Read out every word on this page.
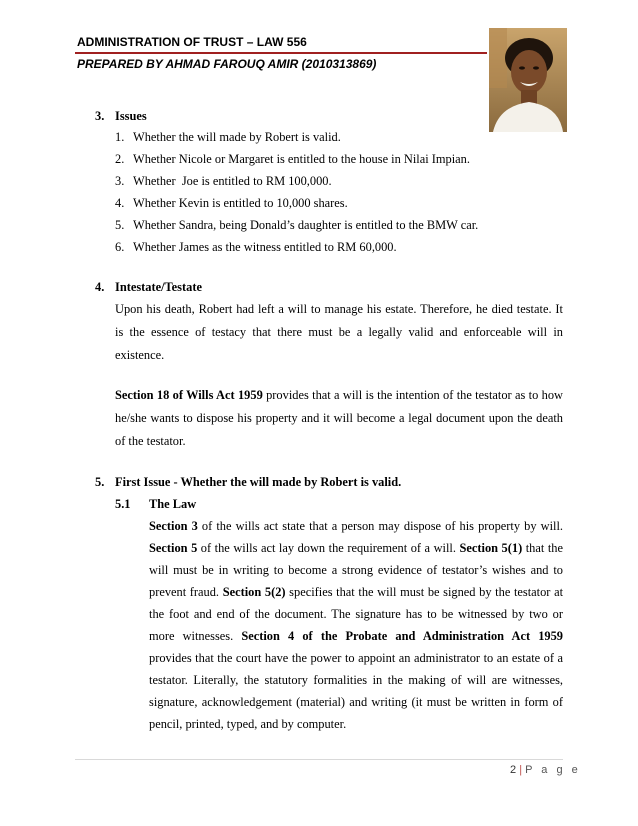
ADMINISTRATION OF TRUST – LAW 556
PREPARED BY AHMAD FAROUQ AMIR (2010313869)
3. Issues
1. Whether the will made by Robert is valid.
2. Whether Nicole or Margaret is entitled to the house in Nilai Impian.
3. Whether  Joe is entitled to RM 100,000.
4. Whether Kevin is entitled to 10,000 shares.
5. Whether Sandra, being Donald’s daughter is entitled to the BMW car.
6. Whether James as the witness entitled to RM 60,000.
4. Intestate/Testate
Upon his death, Robert had left a will to manage his estate. Therefore, he died testate. It
is the essence of testacy that there must be a legally valid and enforceable will in
existence.
Section 18 of Wills Act 1959 provides that a will is the intention of the testator as to how
he/she wants to dispose his property and it will become a legal document upon the death
of the testator.
5. First Issue - Whether the will made by Robert is valid.
5.1 The Law
Section 3 of the wills act state that a person may dispose of his property by will.
Section 5 of the wills act lay down the requirement of a will. Section 5(1) that the
will must be in writing to become a strong evidence of testator’s wishes and to
prevent fraud. Section 5(2) specifies that the will must be signed by the testator at
the foot and end of the document. The signature has to be witnessed by two or
more witnesses. Section 4 of the Probate and Administration Act 1959
provides that the court have the power to appoint an administrator to an estate of a
testator. Literally, the statutory formalities in the making of will are witnesses,
signature, acknowledgement (material) and writing (it must be written in form of
pencil, printed, typed, and by computer.
2 | P a g e
